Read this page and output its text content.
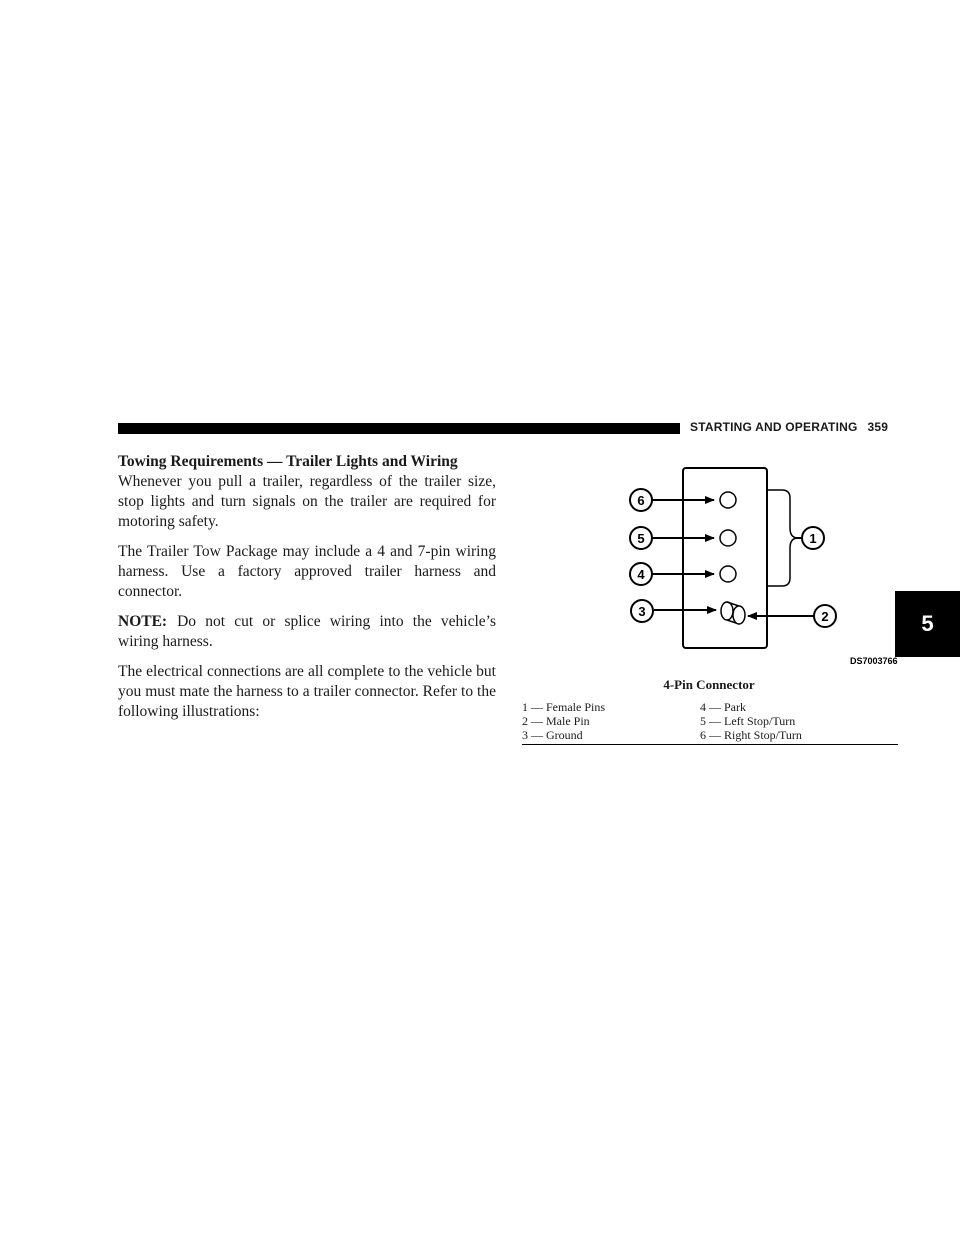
STARTING AND OPERATING 359
5
Towing Requirements — Trailer Lights and Wiring

Whenever you pull a trailer, regardless of the trailer size, stop lights and turn signals on the trailer are required for motoring safety.

The Trailer Tow Package may include a 4 and 7-pin wiring harness. Use a factory approved trailer harness and connector.

NOTE: Do not cut or splice wiring into the vehicle’s wiring harness.

The electrical connections are all complete to the vehicle but you must mate the harness to a trailer connector. Refer to the following illustrations:

6
5
4
3
1
2
DS7003766
4-Pin Connector
1 — Female Pins	4 — Park
2 — Male Pin	5 — Left Stop/Turn
3 — Ground	6 — Right Stop/Turn
